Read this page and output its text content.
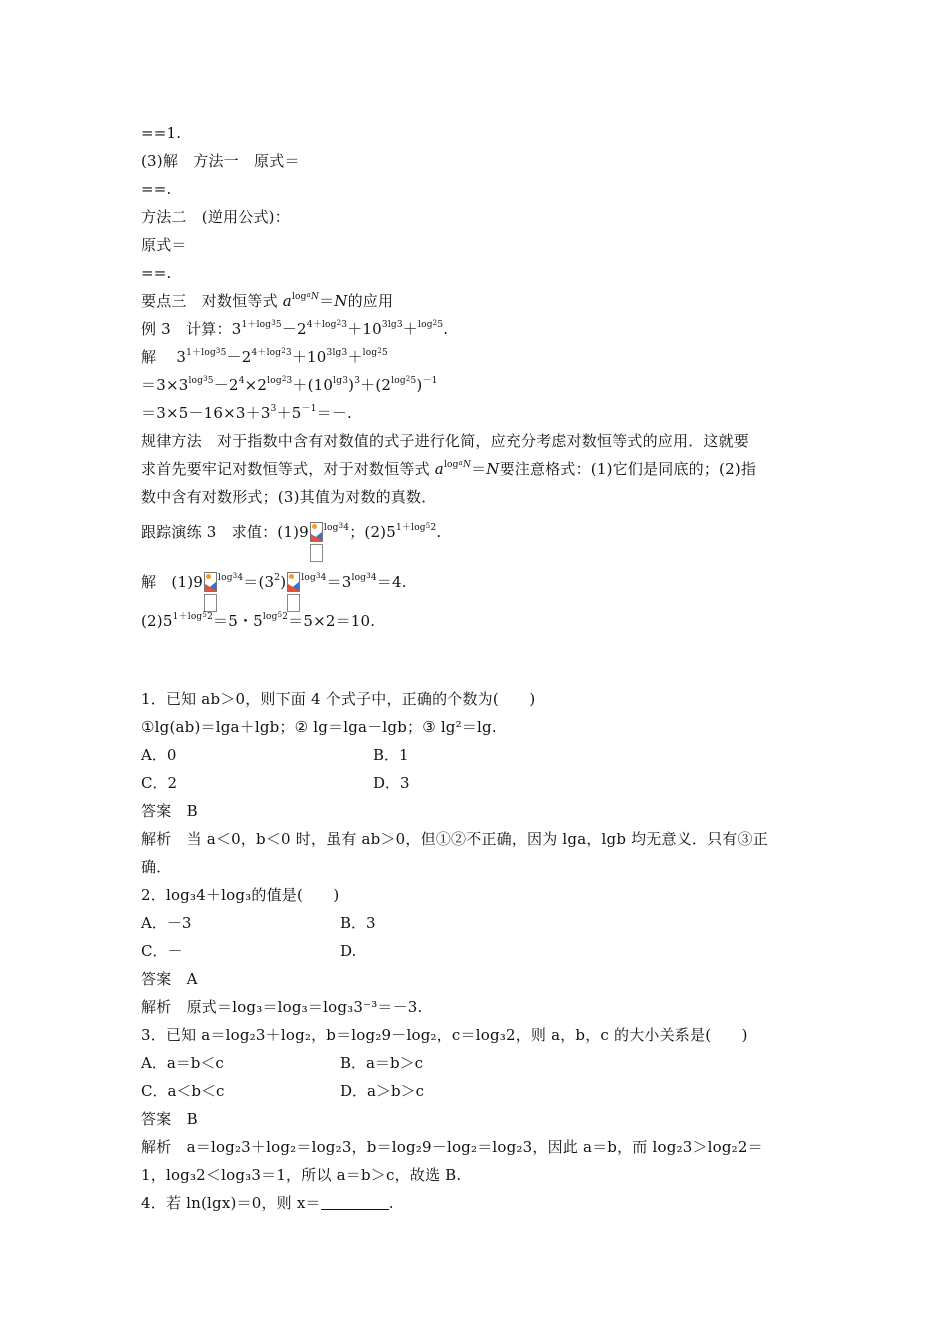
==1.
(3)解　方法一　原式＝
==.
方法二　(逆用公式)：
原式＝
==.
要点三　对数恒等式 $a^{log^aN}=N$的应用
例 3　计算：$3^{1+log^35}-2^{4+log^23}+10^{3lg3}+^{log^25}$.
解　 $3^{1+log^35}-2^{4+log^23}+10^{3lg3}+^{log^25}$
$=3\times 3^{log^35}-2^4\times 2^{log^23}+(10^{lg3})^3+(2^{log^25})^{-1}$
$=3\times 5-16\times 3+3^3+5^{-1}=-$.
规律方法　对于指数中含有对数值的式子进行化简，应充分考虑对数恒等式的应用．这就要
求首先要牢记对数恒等式，对于对数恒等式 $a^{log^aN}=N$要注意格式：(1)它们是同底的；(2)指
数中含有对数形式；(3)其值为对数的真数．
跟踪演练 3　求值：(1)9 $^{log^34}$；$(2)5^{1+log^52}$.
解　(1)9 $^{log^34}=(3^2)$ $^{log^34}=3^{log^34}=4$.
$(2)5^{1+log^52}=5$・$5^{log^52}=5\times 2=10$.
1．已知 ab＞0，则下面 4 个式子中，正确的个数为(　　)
①lg(ab)＝lga＋lgb；② lg＝lga－lgb；③ lg²＝lg.
A．0	B．1
C．2	D．3
答案　B
解析　当 a＜0，b＜0 时，虽有 ab＞0，但①②不正确，因为 lga，lgb 均无意义．只有③正
确．
2．log₃4＋log₃的值是(　　)
A．－3	B．3
C．－	D.
答案　A
解析　原式＝log₃＝log₃＝log₃3⁻³＝－3.
3．已知 a＝log₂3＋log₂，b＝log₂9－log₂，c＝log₃2，则 a，b，c 的大小关系是(　　)
A．a＝b＜c	B．a＝b＞c
C．a＜b＜c	D．a＞b＞c
答案　B
解析　a＝log₂3＋log₂＝log₂3，b＝log₂9－log₂＝log₂3，因此 a＝b，而 log₂3＞log₂2＝
1，log₃2＜log₃3＝1，所以 a＝b＞c，故选 B.
4．若 ln(lgx)＝0，则 x＝	.
